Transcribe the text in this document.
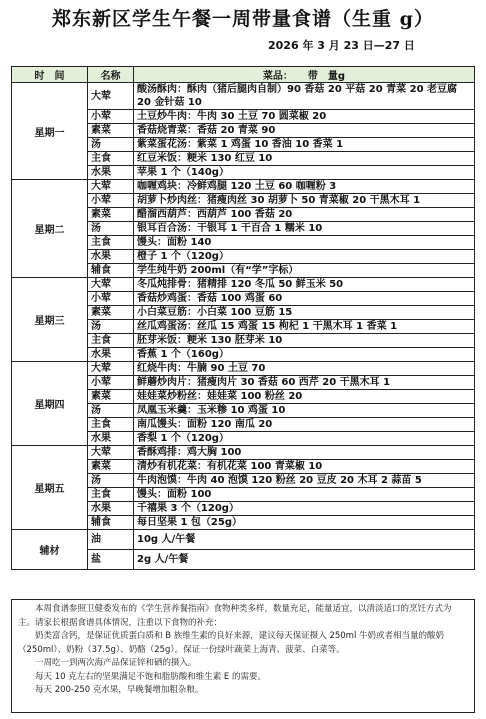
郑东新区学生午餐一周带量食谱（生重 g）
2026 年 3 月 23 日—27 日
时　间	名称	菜品：　　带　量g
星期一	大荤	酸汤酥肉：酥肉（猪后腿肉自制）90 香菇 20 平菇 20 青菜 20 老豆腐 20 金针菇 10
	小荤	土豆炒牛肉：牛肉 30 土豆 70 圆菜椒 20
	素菜	香菇烧青菜：香菇 20 青菜 90
	汤	紫菜蛋花汤：紫菜 1 鸡蛋 10 香油 10 香菜 1
	主食	红豆米饭：粳米 130 红豆 10
	水果	苹果 1 个（140g）
星期二	大荤	咖喱鸡块：冷鲜鸡腿 120 土豆 60 咖喱粉 3
	小荤	胡萝卜炒肉丝：猪瘦肉丝 30 胡萝卜 50 青菜椒 20 干黑木耳 1
	素菜	醋溜西葫芦：西葫芦 100 香菇 20
	汤	银耳百合汤：干银耳 1 干百合 1 糯米 10
	主食	馒头：面粉 140
	水果	橙子 1 个（120g）
	辅食	学生纯牛奶 200ml（有“学”字标）
星期三	大荤	冬瓜炖排骨：猪精排 120 冬瓜 50 鲜玉米 50
	小荤	香菇炒鸡蛋：香菇 100 鸡蛋 60
	素菜	小白菜豆筋：小白菜 100 豆筋 15
	汤	丝瓜鸡蛋汤：丝瓜 15 鸡蛋 15 枸杞 1 干黑木耳 1 香菜 1
	主食	胚芽米饭：粳米 130 胚芽米 10
	水果	香蕉 1 个（160g）
星期四	大荤	红烧牛肉：牛腩 90 土豆 70
	小荤	鲜蘑炒肉片：猪瘦肉片 30 香菇 60 西芹 20 干黑木耳 1
	素菜	娃娃菜炒粉丝：娃娃菜 100 粉丝 20
	汤	凤凰玉米羹：玉米糁 10 鸡蛋 10
	主食	南瓜馒头：面粉 120 南瓜 20
	水果	香梨 1 个（120g）
星期五	大荤	香酥鸡排：鸡大胸 100
	素菜	清炒有机花菜：有机花菜 100 青菜椒 10
	汤	牛肉泡馍：牛肉 40 泡馍 120 粉丝 20 豆皮 20 木耳 2 蒜苗 5
	主食	馒头：面粉 100
	水果	千禧果 3 个（120g）
	辅食	每日坚果 1 包（25g）
辅材	油	10g 人/午餐
	盐	2g 人/午餐

本周食谱参照卫健委发布的《学生营养餐指南》食物种类多样，数量充足，能量适宜，以清淡适口的烹饪方式为主。请家长根据食谱具体情况，注重以下食物的补充：

奶类富含钙，是保证优质蛋白质和 B 族维生素的良好来源，建议每天保证摄入 250ml 牛奶或者相当量的酸奶（250ml）、奶粉（37.5g）、奶酪（25g）。保证一份绿叶蔬菜上海青、菠菜、白菜等。

一周吃一到两次海产品保证锌和硒的摄入。

每天 10 克左右的坚果满足不饱和脂肪酸和维生素 E 的需要。

每天 200-250 克水果，早晚餐增加粗杂粮。
